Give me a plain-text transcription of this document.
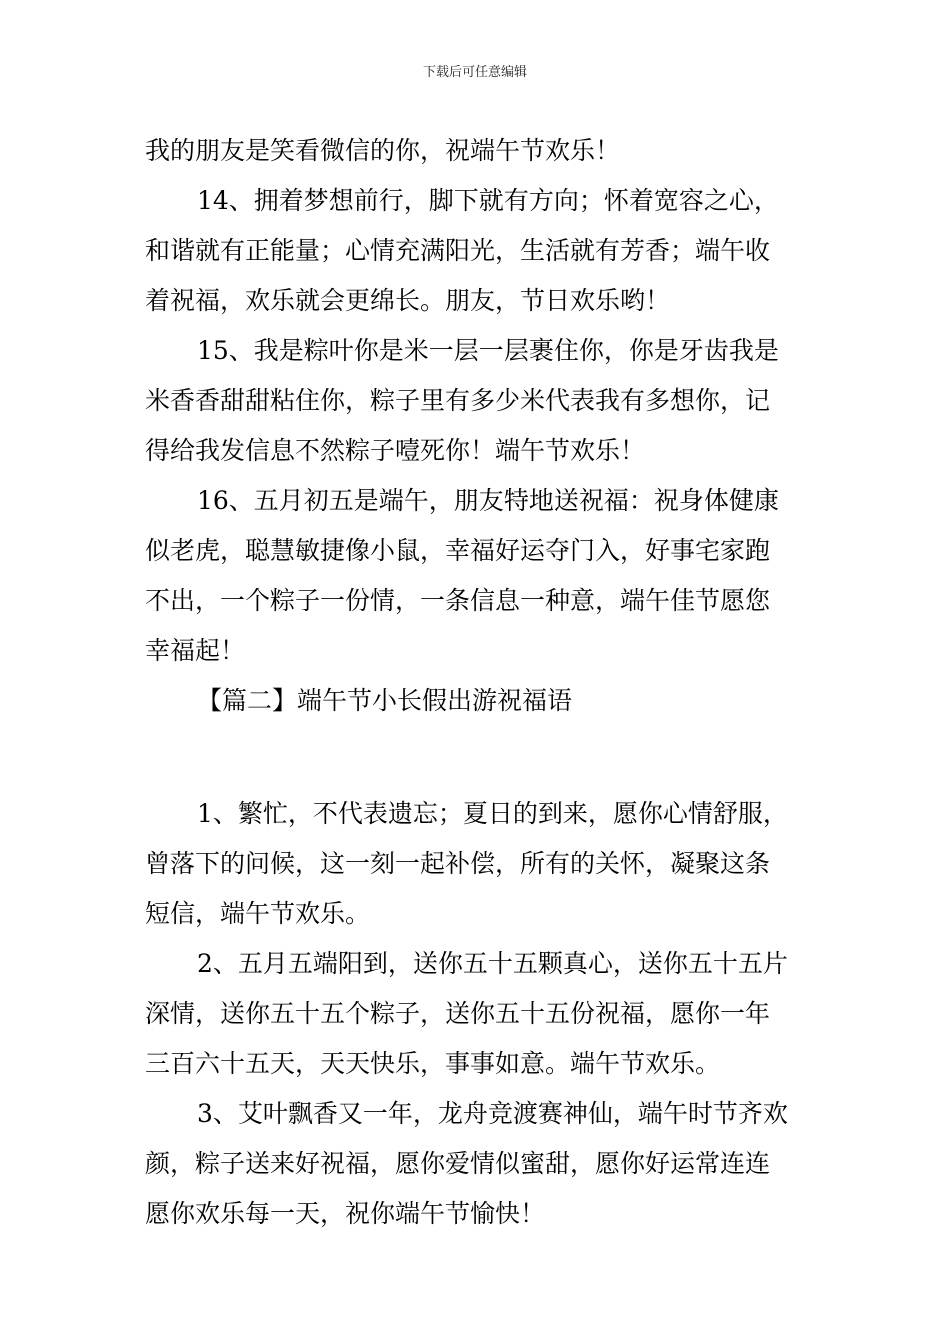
下载后可任意编辑
我的朋友是笑看微信的你，祝端午节欢乐！
14、拥着梦想前行，脚下就有方向；怀着宽容之心，
和谐就有正能量；心情充满阳光，生活就有芳香；端午收
着祝福，欢乐就会更绵长。朋友，节日欢乐哟！
15、我是粽叶你是米一层一层裹住你，你是牙齿我是
米香香甜甜粘住你，粽子里有多少米代表我有多想你，记
得给我发信息不然粽子噎死你！端午节欢乐！
16、五月初五是端午，朋友特地送祝福：祝身体健康
似老虎，聪慧敏捷像小鼠，幸福好运夺门入，好事宅家跑
不出，一个粽子一份情，一条信息一种意，端午佳节愿您
幸福起！
【篇二】端午节小长假出游祝福语
1、繁忙，不代表遗忘；夏日的到来，愿你心情舒服，
曾落下的问候，这一刻一起补偿，所有的关怀，凝聚这条
短信，端午节欢乐。
2、五月五端阳到，送你五十五颗真心，送你五十五片
深情，送你五十五个粽子，送你五十五份祝福，愿你一年
三百六十五天，天天快乐，事事如意。端午节欢乐。
3、艾叶飘香又一年，龙舟竞渡赛神仙，端午时节齐欢
颜，粽子送来好祝福，愿你爱情似蜜甜，愿你好运常连连
愿你欢乐每一天，祝你端午节愉快！
